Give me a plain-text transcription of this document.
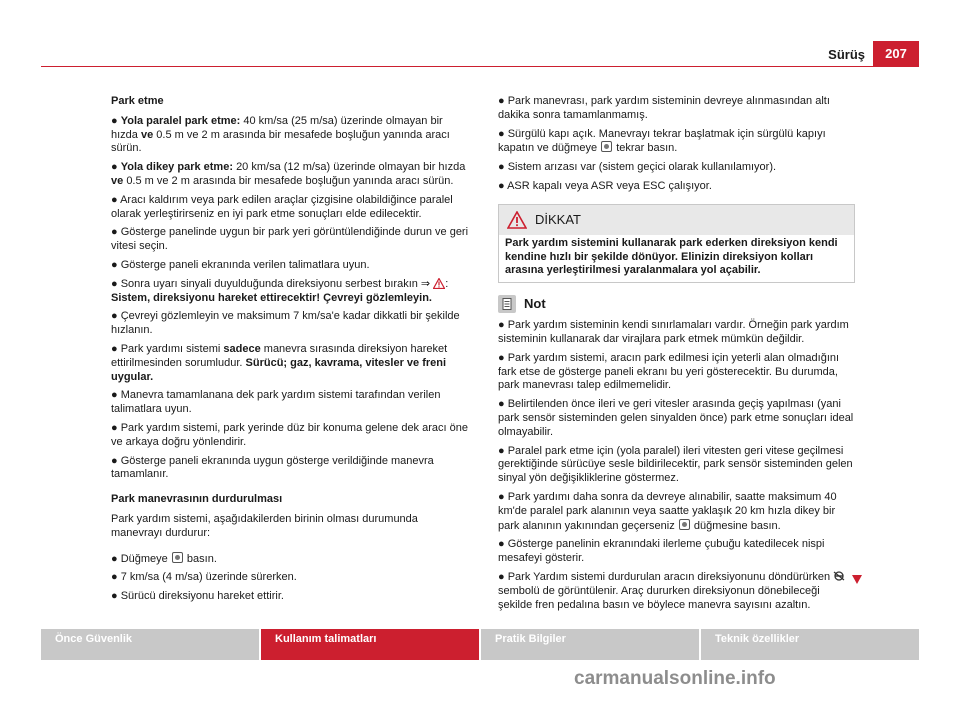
Sürüş	207
Park etme
● Yola paralel park etme: 40 km/sa (25 m/sa) üzerinde olmayan bir hızda ve 0.5 m ve 2 m arasında bir mesafede boşluğun yanında aracı sürün.
● Yola dikey park etme: 20 km/sa (12 m/sa) üzerinde olmayan bir hızda ve 0.5 m ve 2 m arasında bir mesafede boşluğun yanında aracı sürün.
● Aracı kaldırım veya park edilen araçlar çizgisine olabildiğince paralel olarak yerleştirirseniz en iyi park etme sonuçları elde edilecektir.
● Gösterge panelinde uygun bir park yeri görüntülendiğinde durun ve geri vitesi seçin.
● Gösterge paneli ekranında verilen talimatlara uyun.
● Sonra uyarı sinyali duyulduğunda direksiyonu serbest bırakın ⇒ : Sistem, direksiyonu hareket ettirecektir! Çevreyi gözlemleyin.
● Çevreyi gözlemleyin ve maksimum 7 km/sa'e kadar dikkatli bir şekilde hızlanın.
● Park yardımı sistemi sadece manevra sırasında direksiyon hareket ettirilmesinden sorumludur. Sürücü; gaz, kavrama, vitesler ve freni uygular.
● Manevra tamamlanana dek park yardım sistemi tarafından verilen talimatlara uyun.
● Park yardım sistemi, park yerinde düz bir konuma gelene dek aracı öne ve arkaya doğru yönlendirir.
● Gösterge paneli ekranında uygun gösterge verildiğinde manevra tamamlanır.
Park manevrasının durdurulması
Park yardım sistemi, aşağıdakilerden birinin olması durumunda manevrayı durdurur:
● Düğmeye basın.
● 7 km/sa (4 m/sa) üzerinde sürerken.
● Sürücü direksiyonu hareket ettirir.
● Park manevrası, park yardım sisteminin devreye alınmasından altı dakika sonra tamamlanmamış.
● Sürgülü kapı açık. Manevrayı tekrar başlatmak için sürgülü kapıyı kapatın ve düğmeye tekrar basın.
● Sistem arızası var (sistem geçici olarak kullanılamıyor).
● ASR kapalı veya ASR veya ESC çalışıyor.
DİKKAT
Park yardım sistemini kullanarak park ederken direksiyon kendi kendine hızlı bir şekilde dönüyor. Elinizin direksiyon kolları arasına yerleştirilmesi yaralanmalara yol açabilir.
Not
● Park yardım sisteminin kendi sınırlamaları vardır. Örneğin park yardım sisteminin kullanarak dar virajlara park etmek mümkün değildir.
● Park yardım sistemi, aracın park edilmesi için yeterli alan olmadığını fark etse de gösterge paneli ekranı bu yeri gösterecektir. Bu durumda, park manevrası talep edilmemelidir.
● Belirtilenden önce ileri ve geri vitesler arasında geçiş yapılması (yani park sensör sisteminden gelen sinyalden önce) park etme sonuçları ideal olmayabilir.
● Paralel park etme için (yola paralel) ileri vitesten geri vitese geçilmesi gerektiğinde sürücüye sesle bildirilecektir, park sensör sisteminden gelen sinyal yön değişikliklerine göstermez.
● Park yardımı daha sonra da devreye alınabilir, saatte maksimum 40 km'de paralel park alanının veya saatte yaklaşık 20 km hızla dikey bir park alanının yakınından geçerseniz düğmesine basın.
● Gösterge panelinin ekranındaki ilerleme çubuğu katedilecek nispi mesafeyi gösterir.
● Park Yardım sistemi durdurulan aracın direksiyonunu döndürürken  sembolü de görüntülenir. Araç dururken direksiyonun dönebileceği şekilde fren pedalına basın ve böylece manevra sayısını azaltın.
Önce Güvenlik	Kullanım talimatları	Pratik Bilgiler	Teknik özellikler
carmanualsonline.info
